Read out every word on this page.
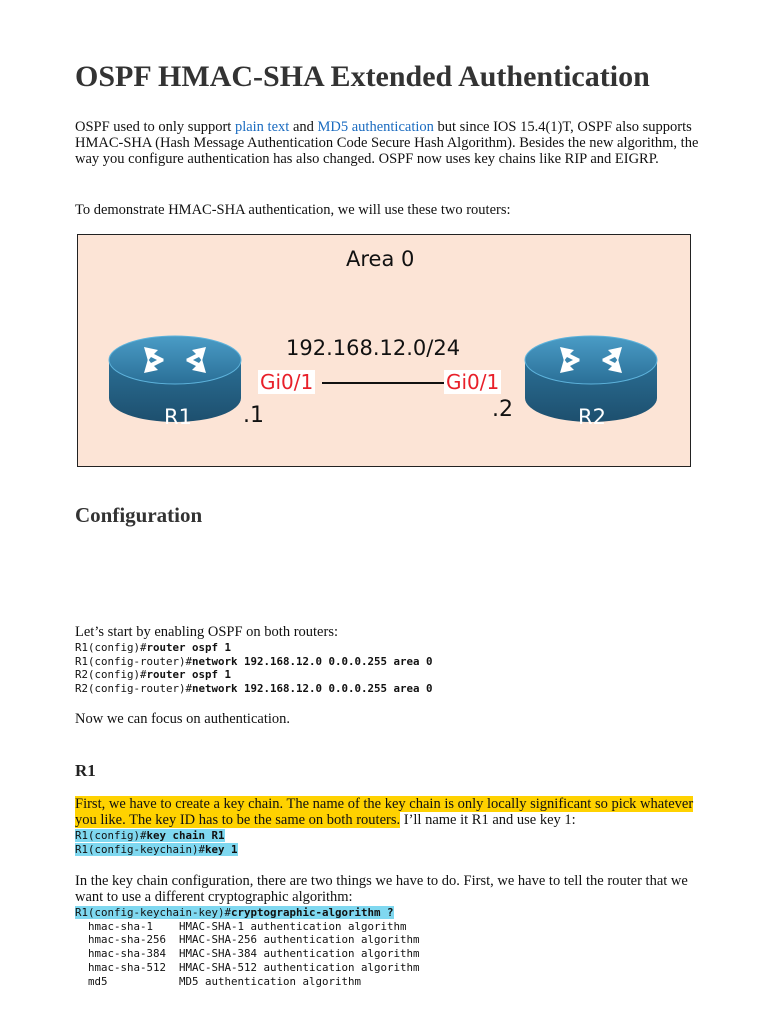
OSPF HMAC-SHA Extended Authentication

OSPF used to only support plain text and MD5 authentication but since IOS 15.4(1)T, OSPF also supports HMAC-SHA (Hash Message Authentication Code Secure Hash Algorithm). Besides the new algorithm, the way you configure authentication has also changed. OSPF now uses key chains like RIP and EIGRP.

To demonstrate HMAC-SHA authentication, we will use these two routers:

Area 0
192.168.12.0/24
R1	R2
Gi0/1	Gi0/1
.1	.2
Configuration

Let’s start by enabling OSPF on both routers:

R1(config)#router ospf 1
R1(config-router)#network 192.168.12.0 0.0.0.255 area 0
R2(config)#router ospf 1
R2(config-router)#network 192.168.12.0 0.0.0.255 area 0

Now we can focus on authentication.

R1

First, we have to create a key chain. The name of the key chain is only locally significant so pick whatever you like. The key ID has to be the same on both routers. I’ll name it R1 and use key 1:

R1(config)#key chain R1
R1(config-keychain)#key 1

In the key chain configuration, there are two things we have to do. First, we have to tell the router that we want to use a different cryptographic algorithm:

R1(config-keychain-key)#cryptographic-algorithm ?
hmac-sha-1    HMAC-SHA-1 authentication algorithm
hmac-sha-256  HMAC-SHA-256 authentication algorithm
hmac-sha-384  HMAC-SHA-384 authentication algorithm
hmac-sha-512  HMAC-SHA-512 authentication algorithm
md5           MD5 authentication algorithm
